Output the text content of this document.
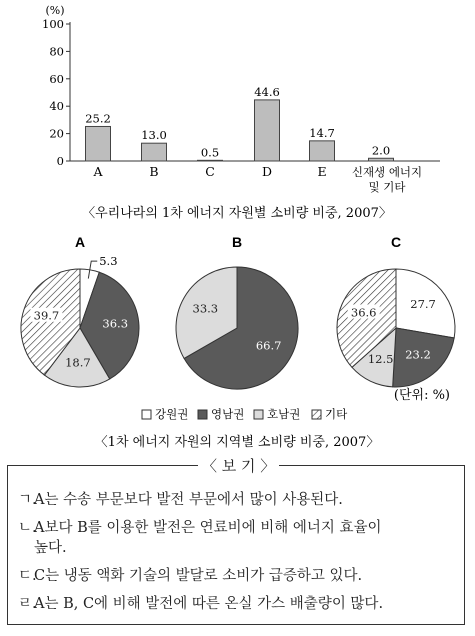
(%)
0
20
40
60
80
100
25.2
A
13.0
B
0.5
C
44.6
D
14.7
E
2.0
신재생 에너지
및 기타
〈우리나라의 1차 에너지 자원별 소비량 비중, 2007〉
A
5.3
36.3
18.7
39.7
B
66.7
33.3
C
27.7
23.2
12.5
36.6
(단위: %)
강원권 영남권 호남권 기타
〈1차 에너지 자원의 지역별 소비량 비중, 2007〉
〈 보 기 〉
ㄱ.A는 수송 부문보다 발전 부문에서 많이 사용된다.
ㄴ.A보다 B를 이용한 발전은 연료비에 비해 에너지 효율이
높다.
ㄷ.C는 냉동 액화 기술의 발달로 소비가 급증하고 있다.
ㄹ.A는 B, C에 비해 발전에 따른 온실 가스 배출량이 많다.
